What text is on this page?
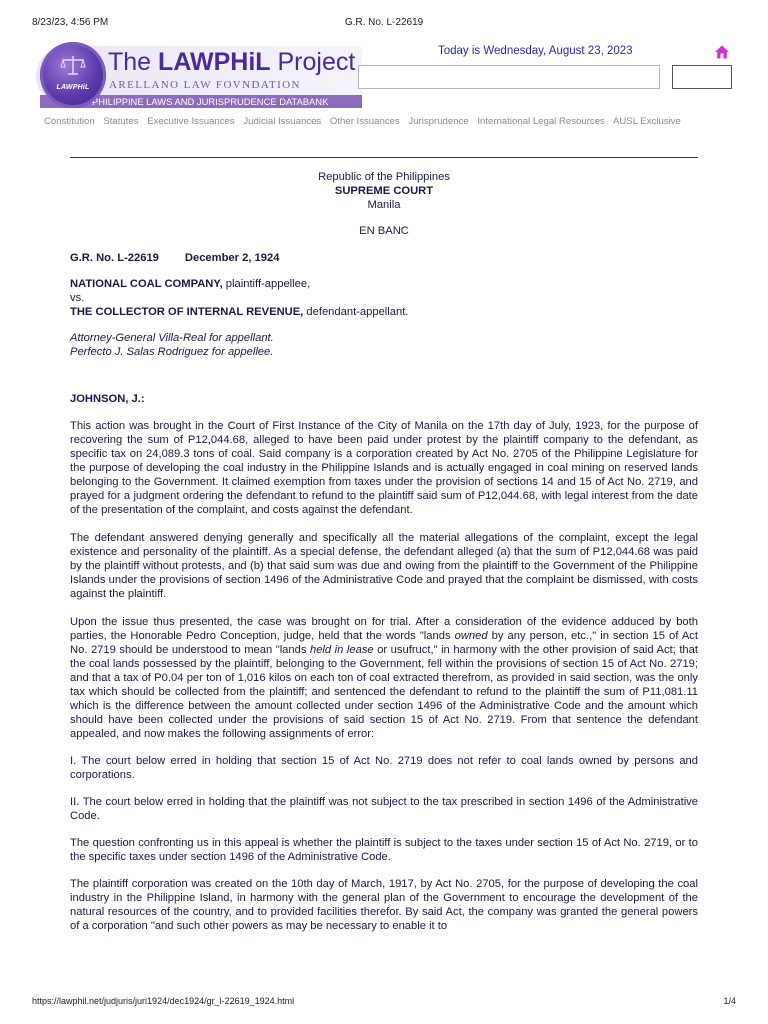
8/23/23, 4:56 PM	G.R. No. L-22619
PHILIPPINE LAWS AND JURISPRUDENCE DATABANK
LAWPHiL
The LAWPHiL Project
ARELLANO LAW FOVNDATION
Today is Wednesday, August 23, 2023
Constitution Statutes Executive Issuances Judicial Issuances Other Issuances Jurisprudence International Legal Resources AUSL Exclusive
Republic of the Philippines
SUPREME COURT
Manila
EN BANC
G.R. No. L-22619 December 2, 1924
NATIONAL COAL COMPANY, plaintiff-appellee,
vs.
THE COLLECTOR OF INTERNAL REVENUE, defendant-appellant.
Attorney-General Villa-Real for appellant.
Perfecto J. Salas Rodriguez for appellee.
JOHNSON, J.:

This action was brought in the Court of First Instance of the City of Manila on the 17th day of July, 1923, for the purpose of recovering the sum of P12,044.68, alleged to have been paid under protest by the plaintiff company to the defendant, as specific tax on 24,089.3 tons of coal. Said company is a corporation created by Act No. 2705 of the Philippine Legislature for the purpose of developing the coal industry in the Philippine Islands and is actually engaged in coal mining on reserved lands belonging to the Government. It claimed exemption from taxes under the provision of sections 14 and 15 of Act No. 2719, and prayed for a judgment ordering the defendant to refund to the plaintiff said sum of P12,044.68, with legal interest from the date of the presentation of the complaint, and costs against the defendant.

The defendant answered denying generally and specifically all the material allegations of the complaint, except the legal existence and personality of the plaintiff. As a special defense, the defendant alleged (a) that the sum of P12,044.68 was paid by the plaintiff without protests, and (b) that said sum was due and owing from the plaintiff to the Government of the Philippine Islands under the provisions of section 1496 of the Administrative Code and prayed that the complaint be dismissed, with costs against the plaintiff.

Upon the issue thus presented, the case was brought on for trial. After a consideration of the evidence adduced by both parties, the Honorable Pedro Conception, judge, held that the words "lands owned by any person, etc.," in section 15 of Act No. 2719 should be understood to mean "lands held in lease or usufruct," in harmony with the other provision of said Act; that the coal lands possessed by the plaintiff, belonging to the Government, fell within the provisions of section 15 of Act No. 2719; and that a tax of P0.04 per ton of 1,016 kilos on each ton of coal extracted therefrom, as provided in said section, was the only tax which should be collected from the plaintiff; and sentenced the defendant to refund to the plaintiff the sum of P11,081.11 which is the difference between the amount collected under section 1496 of the Administrative Code and the amount which should have been collected under the provisions of said section 15 of Act No. 2719. From that sentence the defendant appealed, and now makes the following assignments of error:

I. The court below erred in holding that section 15 of Act No. 2719 does not refer to coal lands owned by persons and corporations.

II. The court below erred in holding that the plaintiff was not subject to the tax prescribed in section 1496 of the Administrative Code.

The question confronting us in this appeal is whether the plaintiff is subject to the taxes under section 15 of Act No. 2719, or to the specific taxes under section 1496 of the Administrative Code.

The plaintiff corporation was created on the 10th day of March, 1917, by Act No. 2705, for the purpose of developing the coal industry in the Philippine Island, in harmony with the general plan of the Government to encourage the development of the natural resources of the country, and to provided facilities therefor. By said Act, the company was granted the general powers of a corporation "and such other powers as may be necessary to enable it to

https://lawphil.net/judjuris/juri1924/dec1924/gr_l-22619_1924.html	1/4
